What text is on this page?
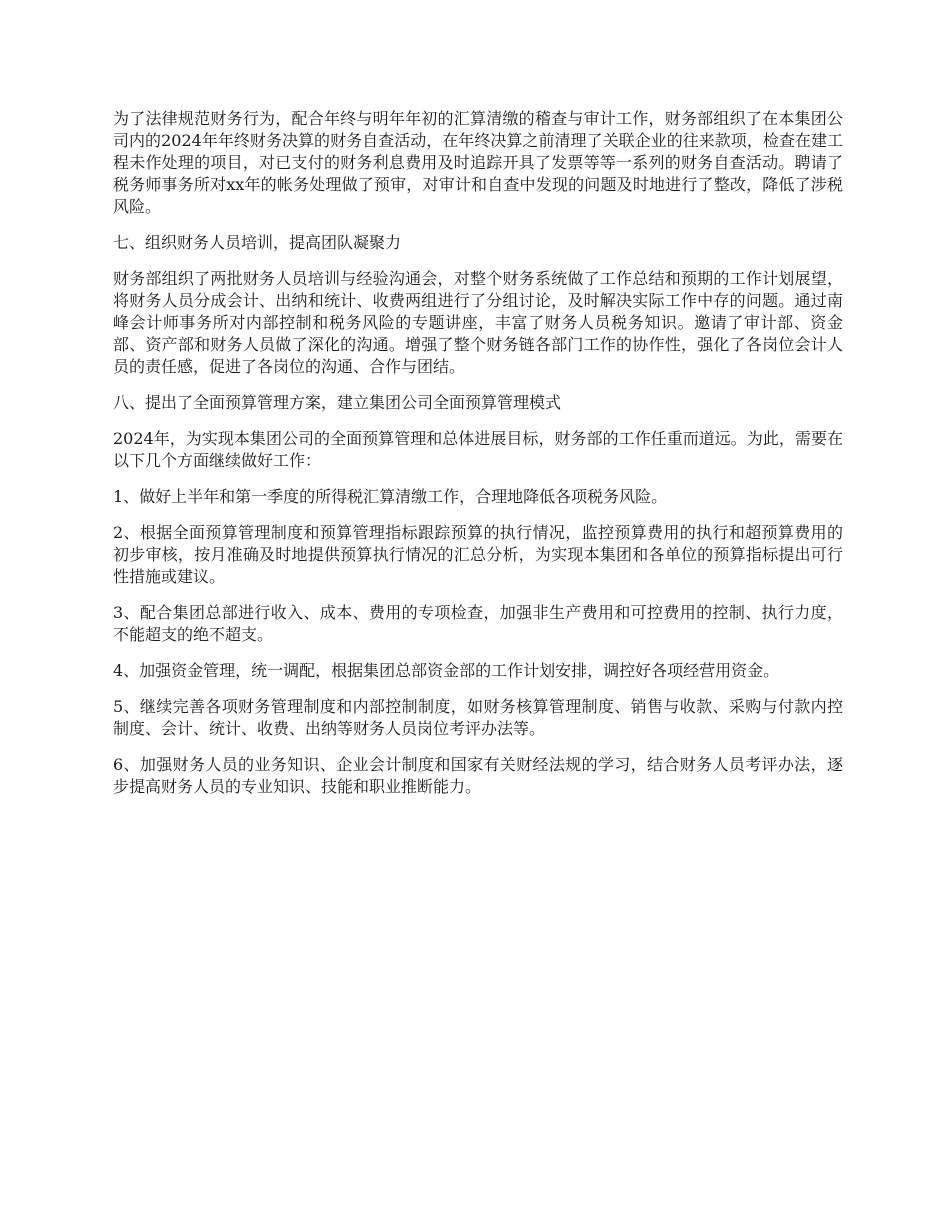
为了法律规范财务行为，配合年终与明年年初的汇算清缴的稽查与审计工作，财务部组织了在本集团公司内的2024年年终财务决算的财务自查活动，在年终决算之前清理了关联企业的往来款项，检查在建工程未作处理的项目，对已支付的财务利息费用及时追踪开具了发票等等一系列的财务自查活动。聘请了税务师事务所对xx年的帐务处理做了预审，对审计和自查中发现的问题及时地进行了整改，降低了涉税风险。

七、组织财务人员培训，提高团队凝聚力

财务部组织了两批财务人员培训与经验沟通会，对整个财务系统做了工作总结和预期的工作计划展望，将财务人员分成会计、出纳和统计、收费两组进行了分组讨论，及时解决实际工作中存的问题。通过南峰会计师事务所对内部控制和税务风险的专题讲座，丰富了财务人员税务知识。邀请了审计部、资金部、资产部和财务人员做了深化的沟通。增强了整个财务链各部门工作的协作性，强化了各岗位会计人员的责任感，促进了各岗位的沟通、合作与团结。

八、提出了全面预算管理方案，建立集团公司全面预算管理模式

2024年，为实现本集团公司的全面预算管理和总体进展目标，财务部的工作任重而道远。为此，需要在以下几个方面继续做好工作：

1、做好上半年和第一季度的所得税汇算清缴工作，合理地降低各项税务风险。

2、根据全面预算管理制度和预算管理指标跟踪预算的执行情况，监控预算费用的执行和超预算费用的初步审核，按月准确及时地提供预算执行情况的汇总分析，为实现本集团和各单位的预算指标提出可行性措施或建议。

3、配合集团总部进行收入、成本、费用的专项检查，加强非生产费用和可控费用的控制、执行力度，不能超支的绝不超支。

4、加强资金管理，统一调配，根据集团总部资金部的工作计划安排，调控好各项经营用资金。

5、继续完善各项财务管理制度和内部控制制度，如财务核算管理制度、销售与收款、采购与付款内控制度、会计、统计、收费、出纳等财务人员岗位考评办法等。

6、加强财务人员的业务知识、企业会计制度和国家有关财经法规的学习，结合财务人员考评办法，逐步提高财务人员的专业知识、技能和职业推断能力。
